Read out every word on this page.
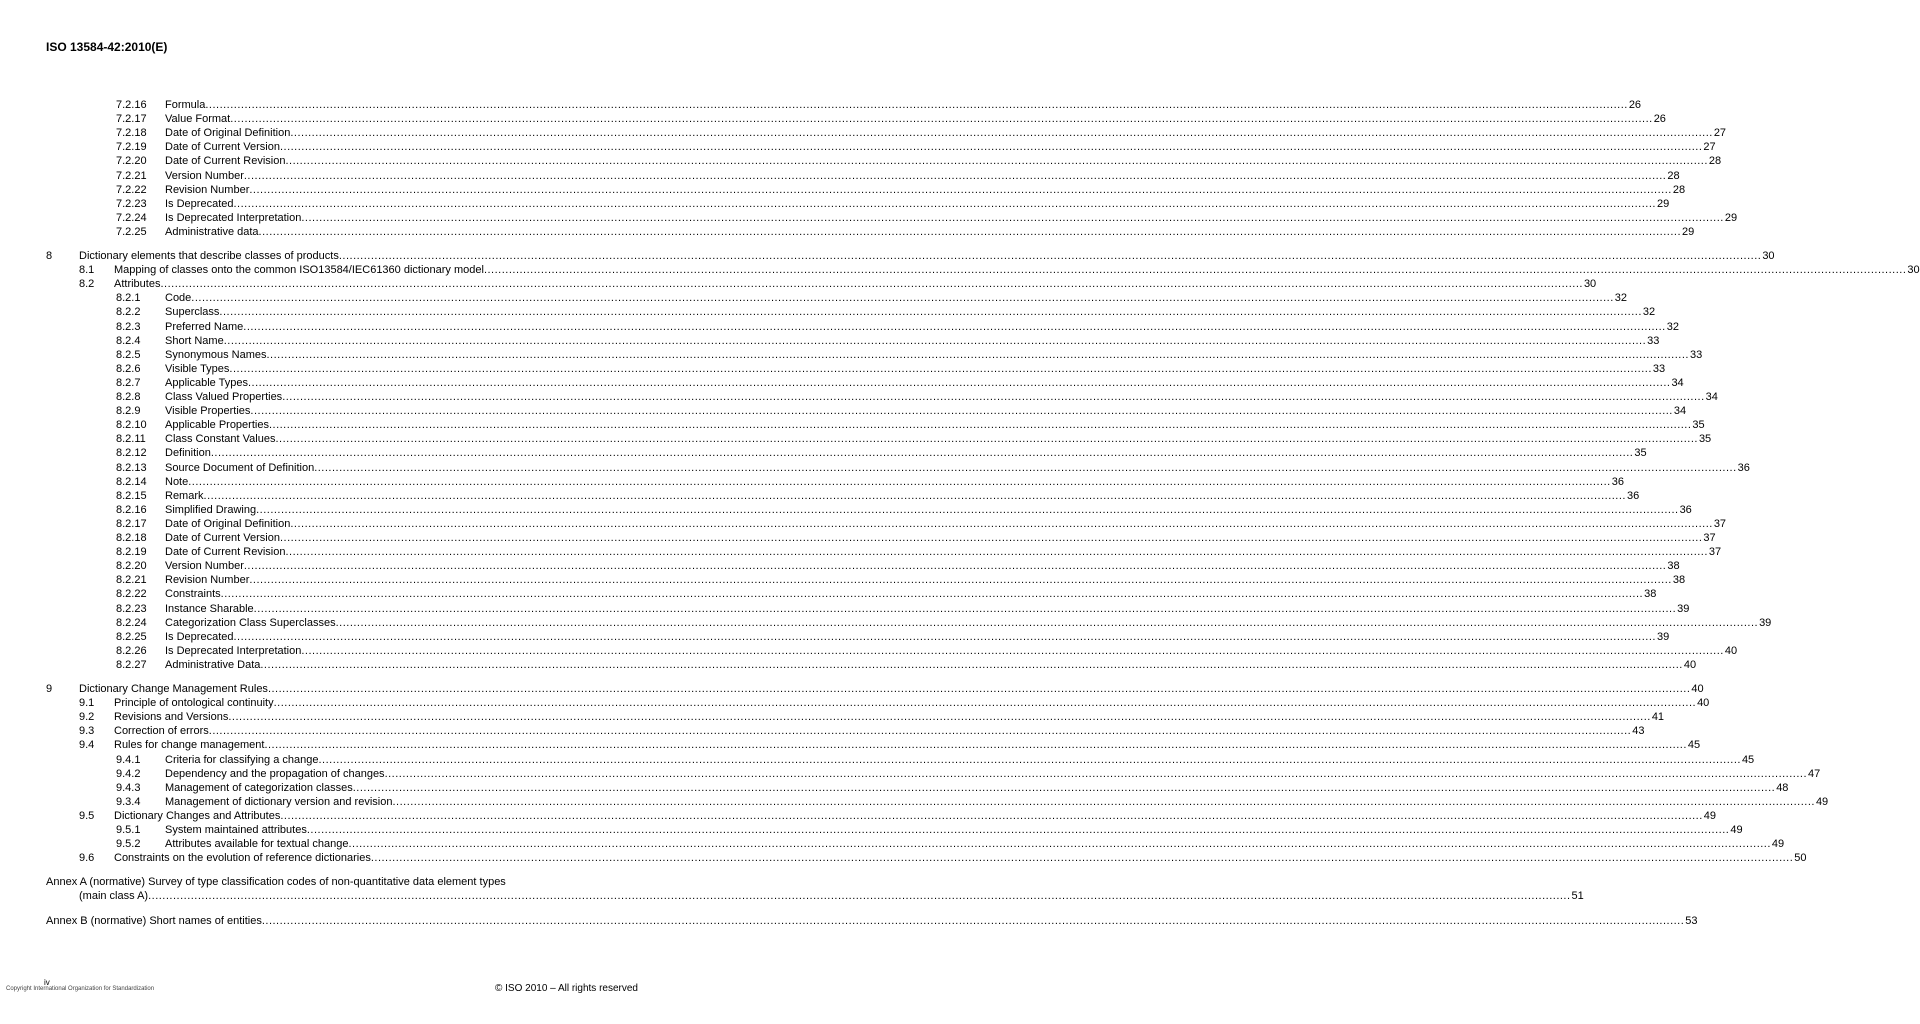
ISO 13584-42:2010(E)
7.2.16 Formula ................................................................................................................................................................................................................................................................................................................................................................................................................ 26
7.2.17 Value Format ................................................................................................................................................................................................................................................................................................................................................................................................................ 26
7.2.18 Date of Original Definition ................................................................................................................................................................................................................................................................................................................................................................................................................ 27
7.2.19 Date of Current Version ................................................................................................................................................................................................................................................................................................................................................................................................................ 27
7.2.20 Date of Current Revision ................................................................................................................................................................................................................................................................................................................................................................................................................ 28
7.2.21 Version Number ................................................................................................................................................................................................................................................................................................................................................................................................................ 28
7.2.22 Revision Number ................................................................................................................................................................................................................................................................................................................................................................................................................ 28
7.2.23 Is Deprecated ................................................................................................................................................................................................................................................................................................................................................................................................................ 29
7.2.24 Is Deprecated Interpretation ................................................................................................................................................................................................................................................................................................................................................................................................................ 29
7.2.25 Administrative data ................................................................................................................................................................................................................................................................................................................................................................................................................ 29
8 Dictionary elements that describe classes of products ................................................................................................................................................................................................................................................................................................................................................................................................................ 30
8.1 Mapping of classes onto the common ISO13584/IEC61360 dictionary model ................................................................................................................................................................................................................................................................................................................................................................................................................ 30
8.2 Attributes ................................................................................................................................................................................................................................................................................................................................................................................................................ 30
8.2.1 Code ................................................................................................................................................................................................................................................................................................................................................................................................................ 32
8.2.2 Superclass ................................................................................................................................................................................................................................................................................................................................................................................................................ 32
8.2.3 Preferred Name ................................................................................................................................................................................................................................................................................................................................................................................................................ 32
8.2.4 Short Name ................................................................................................................................................................................................................................................................................................................................................................................................................ 33
8.2.5 Synonymous Names ................................................................................................................................................................................................................................................................................................................................................................................................................ 33
8.2.6 Visible Types ................................................................................................................................................................................................................................................................................................................................................................................................................ 33
8.2.7 Applicable Types ................................................................................................................................................................................................................................................................................................................................................................................................................ 34
8.2.8 Class Valued Properties ................................................................................................................................................................................................................................................................................................................................................................................................................ 34
8.2.9 Visible Properties ................................................................................................................................................................................................................................................................................................................................................................................................................ 34
8.2.10 Applicable Properties ................................................................................................................................................................................................................................................................................................................................................................................................................ 35
8.2.11 Class Constant Values ................................................................................................................................................................................................................................................................................................................................................................................................................ 35
8.2.12 Definition ................................................................................................................................................................................................................................................................................................................................................................................................................ 35
8.2.13 Source Document of Definition ................................................................................................................................................................................................................................................................................................................................................................................................................ 36
8.2.14 Note ................................................................................................................................................................................................................................................................................................................................................................................................................ 36
8.2.15 Remark ................................................................................................................................................................................................................................................................................................................................................................................................................ 36
8.2.16 Simplified Drawing ................................................................................................................................................................................................................................................................................................................................................................................................................ 36
8.2.17 Date of Original Definition ................................................................................................................................................................................................................................................................................................................................................................................................................ 37
8.2.18 Date of Current Version ................................................................................................................................................................................................................................................................................................................................................................................................................ 37
8.2.19 Date of Current Revision ................................................................................................................................................................................................................................................................................................................................................................................................................ 37
8.2.20 Version Number ................................................................................................................................................................................................................................................................................................................................................................................................................ 38
8.2.21 Revision Number ................................................................................................................................................................................................................................................................................................................................................................................................................ 38
8.2.22 Constraints ................................................................................................................................................................................................................................................................................................................................................................................................................ 38
8.2.23 Instance Sharable ................................................................................................................................................................................................................................................................................................................................................................................................................ 39
8.2.24 Categorization Class Superclasses ................................................................................................................................................................................................................................................................................................................................................................................................................ 39
8.2.25 Is Deprecated ................................................................................................................................................................................................................................................................................................................................................................................................................ 39
8.2.26 Is Deprecated Interpretation ................................................................................................................................................................................................................................................................................................................................................................................................................ 40
8.2.27 Administrative Data ................................................................................................................................................................................................................................................................................................................................................................................................................ 40
9 Dictionary Change Management Rules ................................................................................................................................................................................................................................................................................................................................................................................................................ 40
9.1 Principle of ontological continuity ................................................................................................................................................................................................................................................................................................................................................................................................................ 40
9.2 Revisions and Versions ................................................................................................................................................................................................................................................................................................................................................................................................................ 41
9.3 Correction of errors ................................................................................................................................................................................................................................................................................................................................................................................................................ 43
9.4 Rules for change management ................................................................................................................................................................................................................................................................................................................................................................................................................ 45
9.4.1 Criteria for classifying a change ................................................................................................................................................................................................................................................................................................................................................................................................................ 45
9.4.2 Dependency and the propagation of changes ................................................................................................................................................................................................................................................................................................................................................................................................................ 47
9.4.3 Management of categorization classes ................................................................................................................................................................................................................................................................................................................................................................................................................ 48
9.3.4 Management of dictionary version and revision ................................................................................................................................................................................................................................................................................................................................................................................................................ 49
9.5 Dictionary Changes and Attributes ................................................................................................................................................................................................................................................................................................................................................................................................................ 49
9.5.1 System maintained attributes ................................................................................................................................................................................................................................................................................................................................................................................................................ 49
9.5.2 Attributes available for textual change ................................................................................................................................................................................................................................................................................................................................................................................................................ 49
9.6 Constraints on the evolution of reference dictionaries ................................................................................................................................................................................................................................................................................................................................................................................................................ 50
Annex A (normative) Survey of type classification codes of non-quantitative data element types
(main class A) ................................................................................................................................................................................................................................................................................................................................................................................................................ 51
Annex B (normative) Short names of entities ................................................................................................................................................................................................................................................................................................................................................................................................................ 53
iv
Copyright International Organization for Standardization	© ISO 2010 – All rights reserved
